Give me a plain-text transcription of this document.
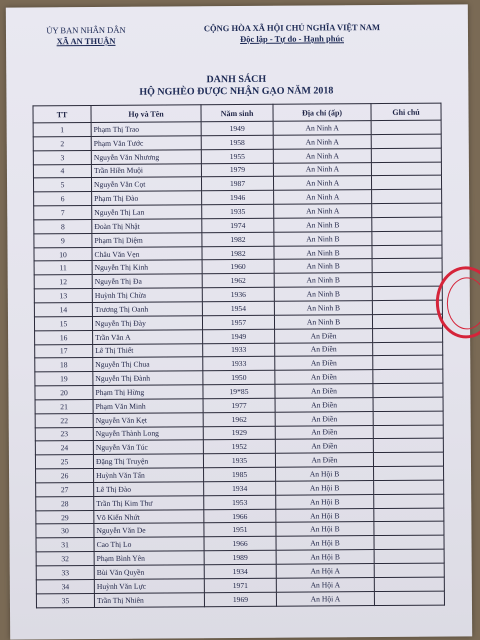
ỦY BAN NHÂN DÂN
XÃ AN THUẬN
CỘNG HÒA XÃ HỘI CHỦ NGHĨA VIỆT NAM
Độc lập - Tự do - Hạnh phúc
DANH SÁCH
HỘ NGHÈO ĐƯỢC NHẬN GẠO NĂM 2018
TT	Họ và Tên	Năm sinh	Địa chỉ (ấp)	Ghi chú
1	Phạm Thị Trao	1949	An Ninh A	
2	Phạm Văn Tước	1958	An Ninh A	
3	Nguyễn Văn Nhương	1955	An Ninh A	
4	Trần Hiền Muội	1979	An Ninh A	
5	Nguyễn Văn Cọt	1987	An Ninh A	
6	Phạm Thị Đào	1946	An Ninh A	
7	Nguyễn Thị Lan	1935	An Ninh A	
8	Đoàn Thị Nhật	1974	An Ninh B	
9	Phạm Thị Diệm	1982	An Ninh B	
10	Châu Văn Vẹn	1982	An Ninh B	
11	Nguyễn Thị Kinh	1960	An Ninh B	
12	Nguyễn Thị Đa	1962	An Ninh B	
13	Huỳnh Thị Chừa	1936	An Ninh B	
14	Trương Thị Oanh	1954	An Ninh B	
15	Nguyễn Thị Đày	1957	An Ninh B	
16	Trần Văn A	1949	An Điền	
17	Lê Thị Thiết	1933	An Điền	
18	Nguyễn Thị Chua	1933	An Điền	
19	Nguyễn Thị Đành	1950	An Điền	
20	Phạm Thị Hừng	19*85	An Điền	
21	Phạm Văn Minh	1977	An Điền	
22	Nguyễn Văn Kẹt	1962	An Điền	
23	Nguyễn Thành Long	1929	An Điền	
24	Nguyễn Văn Túc	1952	An Điền	
25	Đặng Thị Truyện	1935	An Điền	
26	Huỳnh Văn Tấn	1985	An Hội B	
27	Lê Thị Đào	1934	An Hội B	
28	Trần Thị Kim Thư	1953	An Hội B	
29	Võ Kiến Nhứt	1966	An Hội B	
30	Nguyễn Văn De	1951	An Hội B	
31	Cao Thị Lo	1966	An Hội B	
32	Phạm Bình Yên	1989	An Hội B	
33	Bùi Văn Quyền	1934	An Hội A	
34	Huỳnh Văn Lực	1971	An Hội A	
35	Trần Thị Nhiên	1969	An Hội A	
